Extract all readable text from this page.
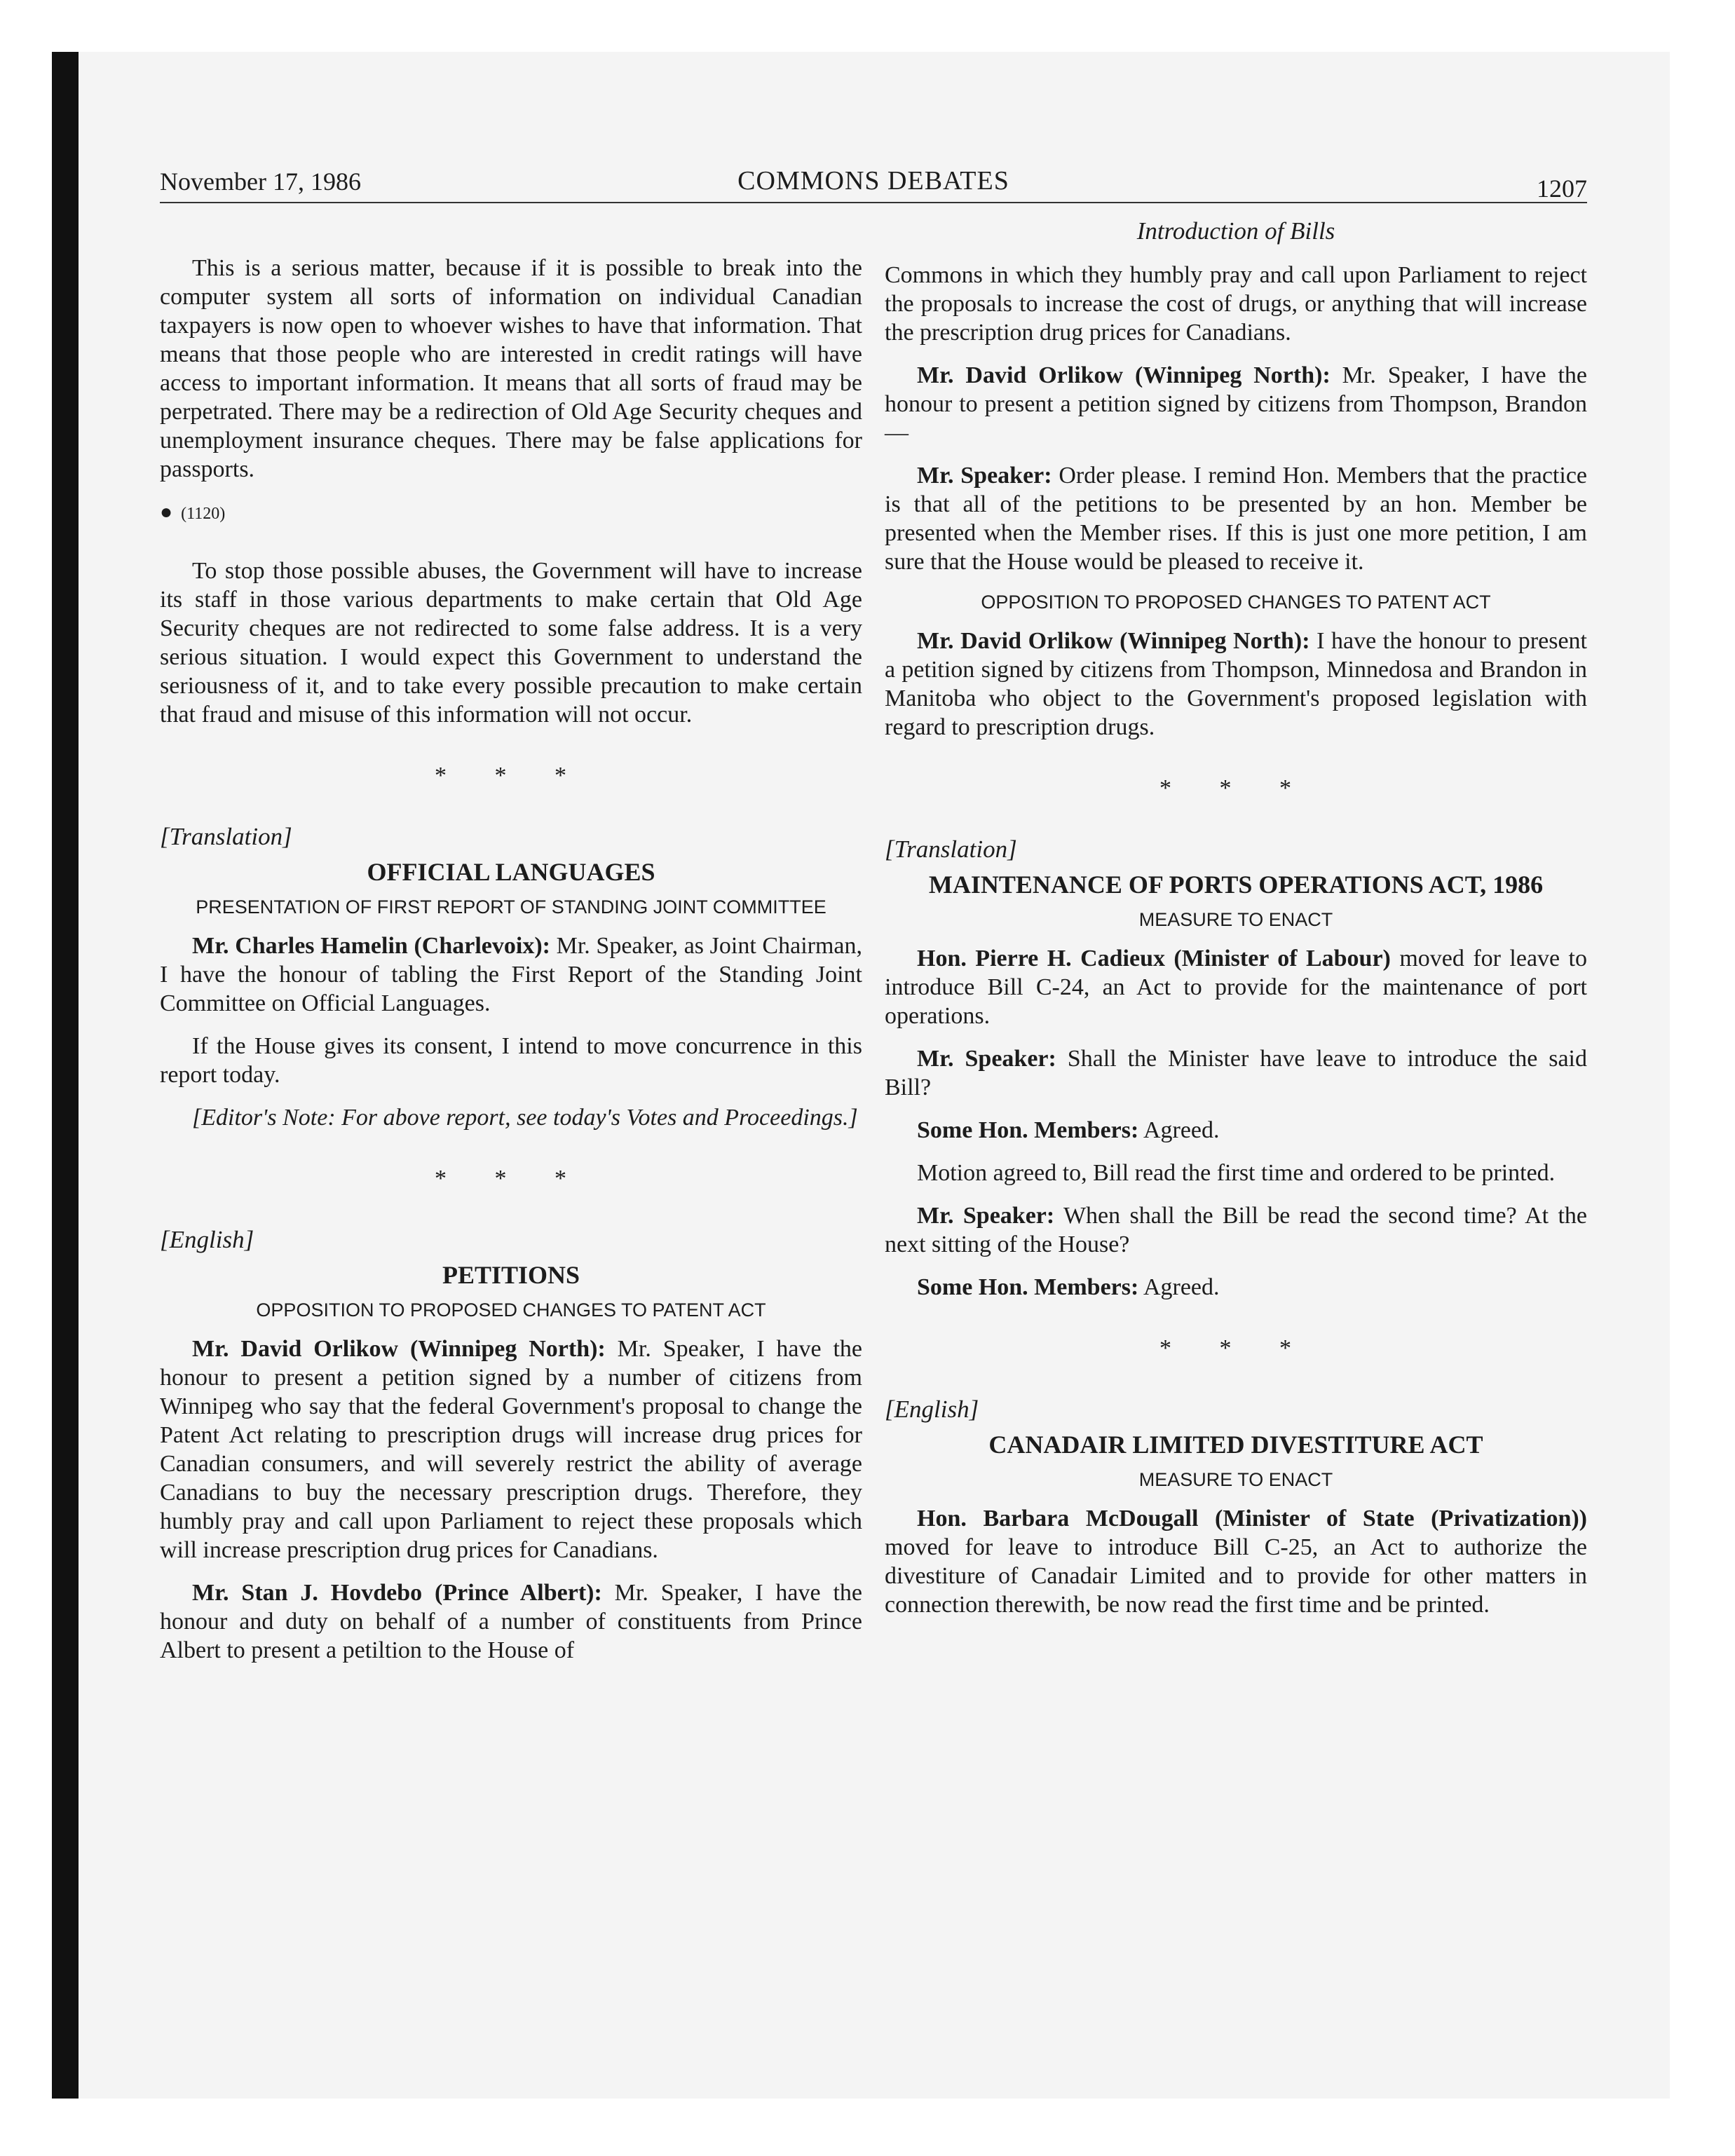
November 17, 1986	COMMONS DEBATES	1207
Introduction of Bills

This is a serious matter, because if it is possible to break into the computer system all sorts of information on individual Canadian taxpayers is now open to whoever wishes to have that information. That means that those people who are interested in credit ratings will have access to important information. It means that all sorts of fraud may be perpetrated. There may be a redirection of Old Age Security cheques and unemployment insurance cheques. There may be false applications for passports.

● (1120)

To stop those possible abuses, the Government will have to increase its staff in those various departments to make certain that Old Age Security cheques are not redirected to some false address. It is a very serious situation. I would expect this Government to understand the seriousness of it, and to take every possible precaution to make certain that fraud and misuse of this information will not occur.

* * *
[Translation]
OFFICIAL LANGUAGES
PRESENTATION OF FIRST REPORT OF STANDING JOINT COMMITTEE

Mr. Charles Hamelin (Charlevoix): Mr. Speaker, as Joint Chairman, I have the honour of tabling the First Report of the Standing Joint Committee on Official Languages.

If the House gives its consent, I intend to move concurrence in this report today.

[Editor's Note: For above report, see today's Votes and Proceedings.]

* * *
[English]
PETITIONS
OPPOSITION TO PROPOSED CHANGES TO PATENT ACT

Mr. David Orlikow (Winnipeg North): Mr. Speaker, I have the honour to present a petition signed by a number of citizens from Winnipeg who say that the federal Government's proposal to change the Patent Act relating to prescription drugs will increase drug prices for Canadian consumers, and will severely restrict the ability of average Canadians to buy the necessary prescription drugs. Therefore, they humbly pray and call upon Parliament to reject these proposals which will increase prescription drug prices for Canadians.

Mr. Stan J. Hovdebo (Prince Albert): Mr. Speaker, I have the honour and duty on behalf of a number of constituents from Prince Albert to present a petiltion to the House of

Commons in which they humbly pray and call upon Parliament to reject the proposals to increase the cost of drugs, or anything that will increase the prescription drug prices for Canadians.

Mr. David Orlikow (Winnipeg North): Mr. Speaker, I have the honour to present a petition signed by citizens from Thompson, Brandon—

Mr. Speaker: Order please. I remind Hon. Members that the practice is that all of the petitions to be presented by an hon. Member be presented when the Member rises. If this is just one more petition, I am sure that the House would be pleased to receive it.

OPPOSITION TO PROPOSED CHANGES TO PATENT ACT

Mr. David Orlikow (Winnipeg North): I have the honour to present a petition signed by citizens from Thompson, Minnedosa and Brandon in Manitoba who object to the Government's proposed legislation with regard to prescription drugs.

* * *
[Translation]
MAINTENANCE OF PORTS OPERATIONS ACT, 1986
MEASURE TO ENACT

Hon. Pierre H. Cadieux (Minister of Labour) moved for leave to introduce Bill C-24, an Act to provide for the maintenance of port operations.

Mr. Speaker: Shall the Minister have leave to introduce the said Bill?

Some Hon. Members: Agreed.

Motion agreed to, Bill read the first time and ordered to be printed.

Mr. Speaker: When shall the Bill be read the second time? At the next sitting of the House?

Some Hon. Members: Agreed.

* * *
[English]
CANADAIR LIMITED DIVESTITURE ACT
MEASURE TO ENACT

Hon. Barbara McDougall (Minister of State (Privatization)) moved for leave to introduce Bill C-25, an Act to authorize the divestiture of Canadair Limited and to provide for other matters in connection therewith, be now read the first time and be printed.
